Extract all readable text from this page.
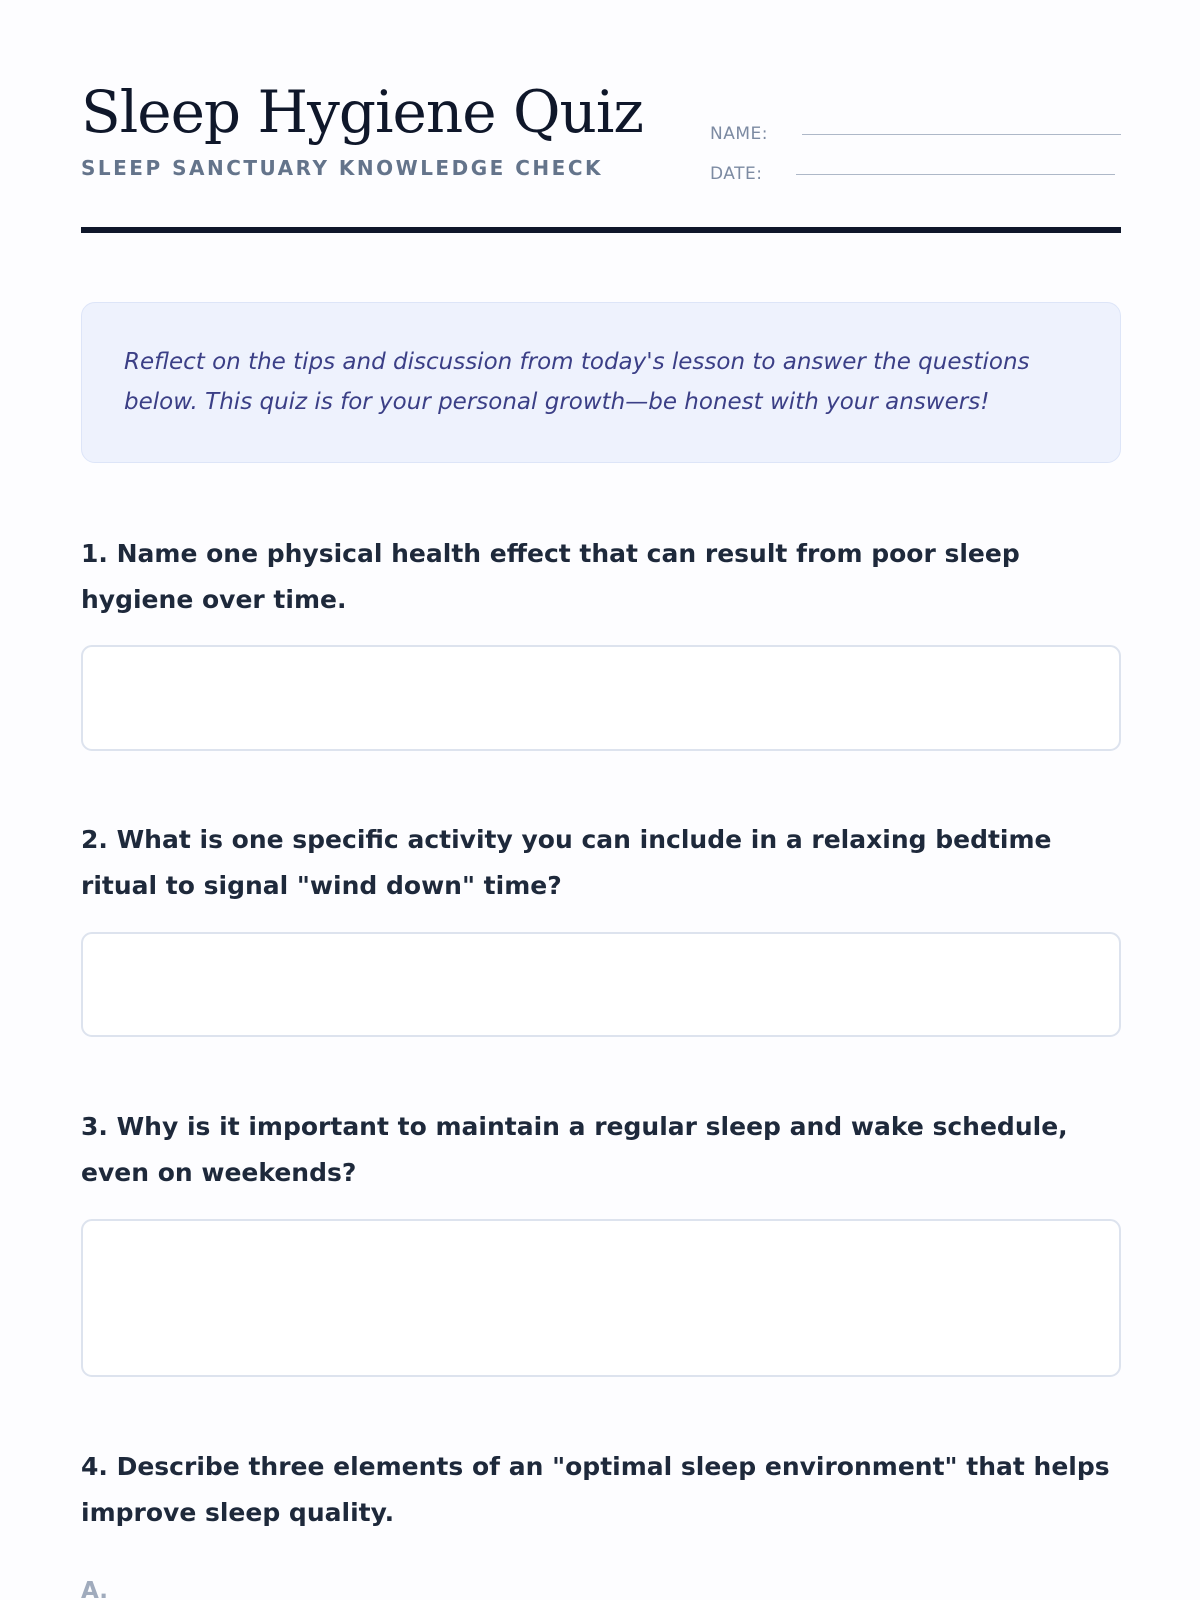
Sleep Hygiene Quiz
SLEEP SANCTUARY KNOWLEDGE CHECK
NAME:
DATE:

Reflect on the tips and discussion from today's lesson to answer the questions below. This quiz is for your personal growth—be honest with your answers!

1. Name one physical health effect that can result from poor sleep hygiene over time.

2. What is one specific activity you can include in a relaxing bedtime ritual to signal "wind down" time?

3. Why is it important to maintain a regular sleep and wake schedule, even on weekends?

4. Describe three elements of an "optimal sleep environment" that helps improve sleep quality.

A.
